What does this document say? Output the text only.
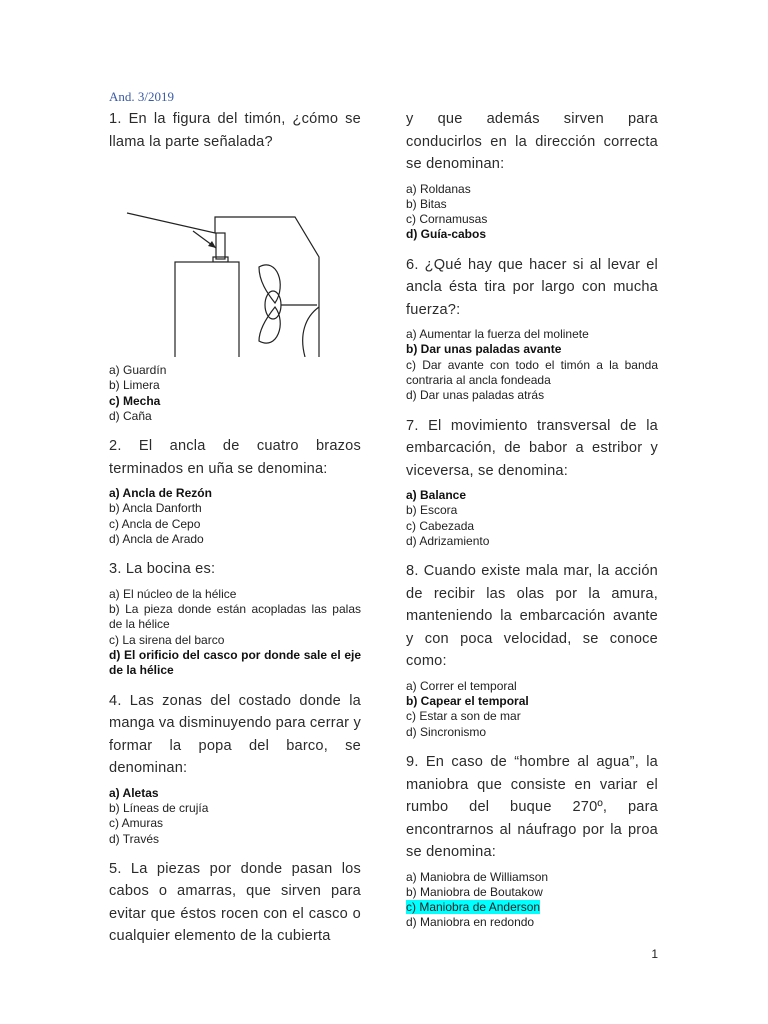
And. 3/2019
1. En la figura del timón, ¿cómo se llama la parte señalada?
a) Guardín
b) Limera
c) Mecha
d) Caña
2. El ancla de cuatro brazos terminados en uña se denomina:
a) Ancla de Rezón
b) Ancla Danforth
c) Ancla de Cepo
d) Ancla de Arado
3. La bocina es:
a) El núcleo de la hélice
b) La pieza donde están acopladas las palas de la hélice
c) La sirena del barco
d) El orificio del casco por donde sale el eje de la hélice
4. Las zonas del costado donde la manga va disminuyendo para cerrar y formar la popa del barco, se denominan:
a) Aletas
b) Líneas de crujía
c) Amuras
d) Través
5. La piezas por donde pasan los cabos o amarras, que sirven para evitar que éstos rocen con el casco o cualquier elemento de la cubierta
y que además sirven para conducirlos en la dirección correcta se denominan:
a) Roldanas
b) Bitas
c) Cornamusas
d) Guía-cabos
6. ¿Qué hay que hacer si al levar el ancla ésta tira por largo con mucha fuerza?:
a) Aumentar la fuerza del molinete
b) Dar unas paladas avante
c) Dar avante con todo el timón a la banda contraria al ancla fondeada
d) Dar unas paladas atrás
7. El movimiento transversal de la embarcación, de babor a estribor y viceversa, se denomina:
a) Balance
b) Escora
c) Cabezada
d) Adrizamiento
8. Cuando existe mala mar, la acción de recibir las olas por la amura, manteniendo la embarcación avante y con poca velocidad, se conoce como:
a) Correr el temporal
b) Capear el temporal
c) Estar a son de mar
d) Sincronismo
9. En caso de “hombre al agua”, la maniobra que consiste en variar el rumbo del buque 270º, para encontrarnos al náufrago por la proa se denomina:
a) Maniobra de Williamson
b) Maniobra de Boutakow
c) Maniobra de Anderson
d) Maniobra en redondo
1
